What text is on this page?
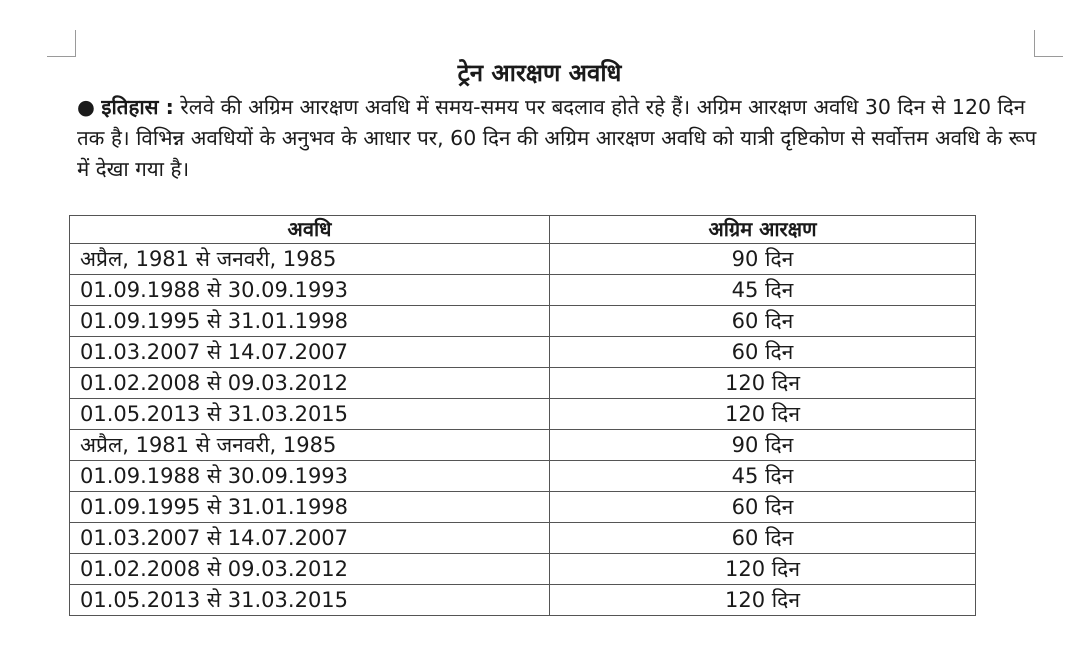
ट्रेन आरक्षण अवधि
● इतिहास : रेलवे की अग्रिम आरक्षण अवधि में समय-समय पर बदलाव होते रहे हैं। अग्रिम आरक्षण अवधि 30 दिन से 120 दिन तक है। विभिन्न अवधियों के अनुभव के आधार पर, 60 दिन की अग्रिम आरक्षण अवधि को यात्री दृष्टिकोण से सर्वोत्तम अवधि के रूप में देखा गया है।
अवधि	अग्रिम आरक्षण
अप्रैल, 1981 से जनवरी, 1985	90 दिन
01.09.1988 से 30.09.1993	45 दिन
01.09.1995 से 31.01.1998	60 दिन
01.03.2007 से 14.07.2007	60 दिन
01.02.2008 से 09.03.2012	120 दिन
01.05.2013 से 31.03.2015	120 दिन
अप्रैल, 1981 से जनवरी, 1985	90 दिन
01.09.1988 से 30.09.1993	45 दिन
01.09.1995 से 31.01.1998	60 दिन
01.03.2007 से 14.07.2007	60 दिन
01.02.2008 से 09.03.2012	120 दिन
01.05.2013 से 31.03.2015	120 दिन
